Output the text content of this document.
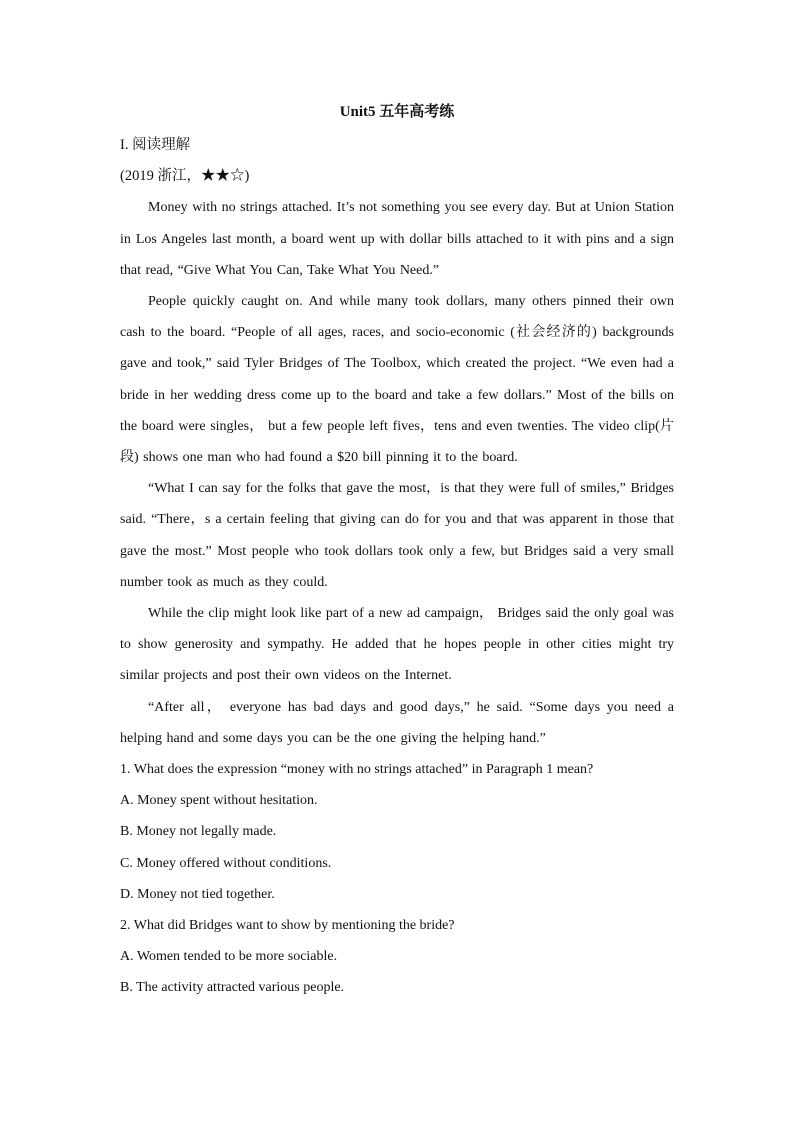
Unit5 五年高考练
I. 阅读理解
(2019 浙江，★★☆)

Money with no strings attached. It’s not something you see every day. But at Union Station in Los Angeles last month, a board went up with dollar bills attached to it with pins and a sign that read, “Give What You Can, Take What You Need.”

People quickly caught on. And while many took dollars, many others pinned their own cash to the board. “People of all ages, races, and socio-economic (社会经济的) backgrounds gave and took,” said Tyler Bridges of The Toolbox, which created the project. “We even had a bride in her wedding dress come up to the board and take a few dollars.” Most of the bills on the board were singles， but a few people left fives，tens and even twenties. The video clip(片段) shows one man who had found a $20 bill pinning it to the board.

“What I can say for the folks that gave the most，is that they were full of smiles,” Bridges said. “There，s a certain feeling that giving can do for you and that was apparent in those that gave the most.” Most people who took dollars took only a few, but Bridges said a very small number took as much as they could.

While the clip might look like part of a new ad campaign， Bridges said the only goal was to show generosity and sympathy. He added that he hopes people in other cities might try similar projects and post their own videos on the Internet.

“After all， everyone has bad days and good days,” he said. “Some days you need a helping hand and some days you can be the one giving the helping hand.”

1. What does the expression “money with no strings attached” in Paragraph 1 mean?

A. Money spent without hesitation.

B. Money not legally made.

C. Money offered without conditions.

D. Money not tied together.

2. What did Bridges want to show by mentioning the bride?

A. Women tended to be more sociable.

B. The activity attracted various people.
